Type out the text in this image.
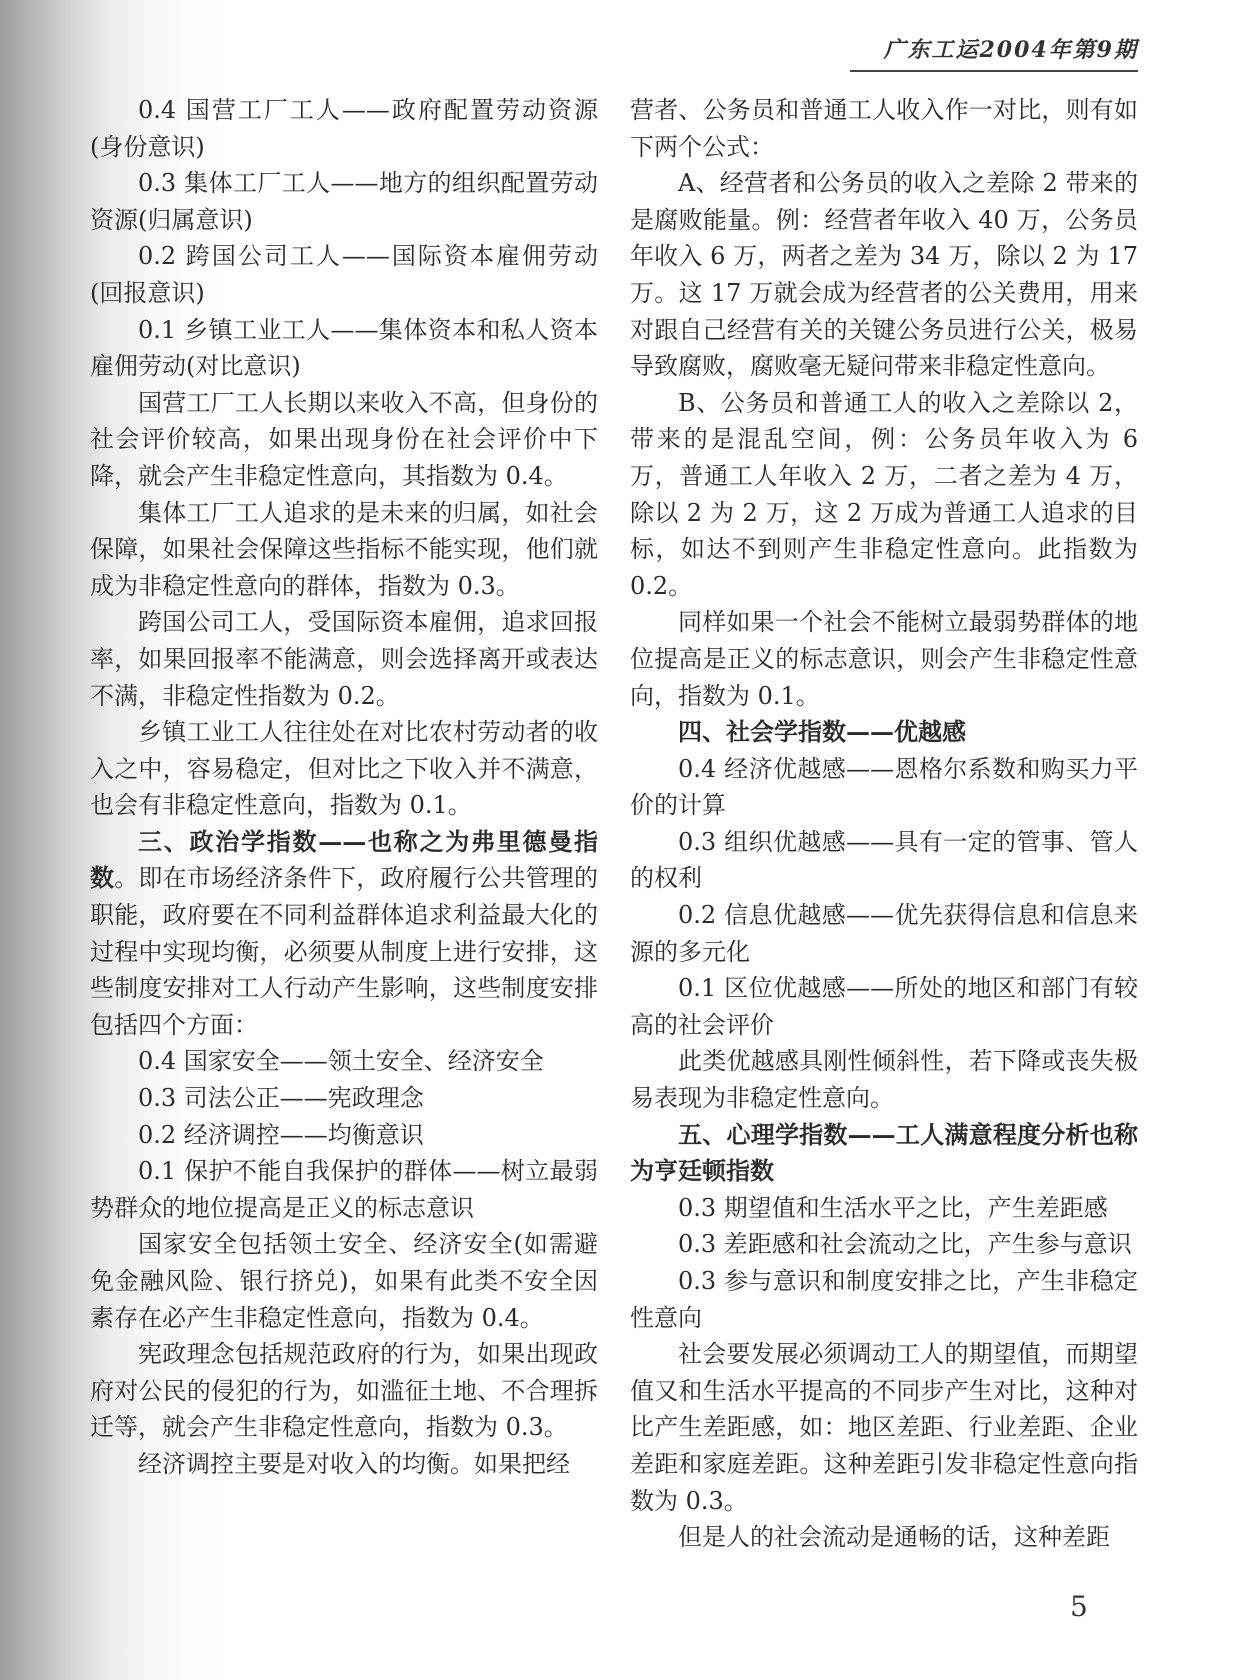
广东工运2004年第9期

0.4 国营工厂工人——政府配置劳动资源(身份意识)

0.3 集体工厂工人——地方的组织配置劳动资源(归属意识)

0.2 跨国公司工人——国际资本雇佣劳动(回报意识)

0.1 乡镇工业工人——集体资本和私人资本雇佣劳动(对比意识)

国营工厂工人长期以来收入不高，但身份的社会评价较高，如果出现身份在社会评价中下降，就会产生非稳定性意向，其指数为 0.4。

集体工厂工人追求的是未来的归属，如社会保障，如果社会保障这些指标不能实现，他们就成为非稳定性意向的群体，指数为 0.3。

跨国公司工人，受国际资本雇佣，追求回报率，如果回报率不能满意，则会选择离开或表达不满，非稳定性指数为 0.2。

乡镇工业工人往往处在对比农村劳动者的收入之中，容易稳定，但对比之下收入并不满意，也会有非稳定性意向，指数为 0.1。

三、政治学指数——也称之为弗里德曼指数。即在市场经济条件下，政府履行公共管理的职能，政府要在不同利益群体追求利益最大化的过程中实现均衡，必须要从制度上进行安排，这些制度安排对工人行动产生影响，这些制度安排包括四个方面：

0.4 国家安全——领土安全、经济安全

0.3 司法公正——宪政理念

0.2 经济调控——均衡意识

0.1 保护不能自我保护的群体——树立最弱势群众的地位提高是正义的标志意识

国家安全包括领土安全、经济安全(如需避免金融风险、银行挤兑)，如果有此类不安全因素存在必产生非稳定性意向，指数为 0.4。

宪政理念包括规范政府的行为，如果出现政府对公民的侵犯的行为，如滥征土地、不合理拆迁等，就会产生非稳定性意向，指数为 0.3。

经济调控主要是对收入的均衡。如果把经

营者、公务员和普通工人收入作一对比，则有如下两个公式：

A、经营者和公务员的收入之差除 2 带来的是腐败能量。例：经营者年收入 40 万，公务员年收入 6 万，两者之差为 34 万，除以 2 为 17 万。这 17 万就会成为经营者的公关费用，用来对跟自己经营有关的关键公务员进行公关，极易导致腐败，腐败毫无疑问带来非稳定性意向。

B、公务员和普通工人的收入之差除以 2，带来的是混乱空间，例：公务员年收入为 6 万，普通工人年收入 2 万，二者之差为 4 万，除以 2 为 2 万，这 2 万成为普通工人追求的目标，如达不到则产生非稳定性意向。此指数为 0.2。

同样如果一个社会不能树立最弱势群体的地位提高是正义的标志意识，则会产生非稳定性意向，指数为 0.1。

四、社会学指数——优越感

0.4 经济优越感——恩格尔系数和购买力平价的计算

0.3 组织优越感——具有一定的管事、管人的权利

0.2 信息优越感——优先获得信息和信息来源的多元化

0.1 区位优越感——所处的地区和部门有较高的社会评价

此类优越感具刚性倾斜性，若下降或丧失极易表现为非稳定性意向。

五、心理学指数——工人满意程度分析也称为亨廷顿指数

0.3 期望值和生活水平之比，产生差距感

0.3 差距感和社会流动之比，产生参与意识

0.3 参与意识和制度安排之比，产生非稳定性意向

社会要发展必须调动工人的期望值，而期望值又和生活水平提高的不同步产生对比，这种对比产生差距感，如：地区差距、行业差距、企业差距和家庭差距。这种差距引发非稳定性意向指数为 0.3。

但是人的社会流动是通畅的话，这种差距

5
